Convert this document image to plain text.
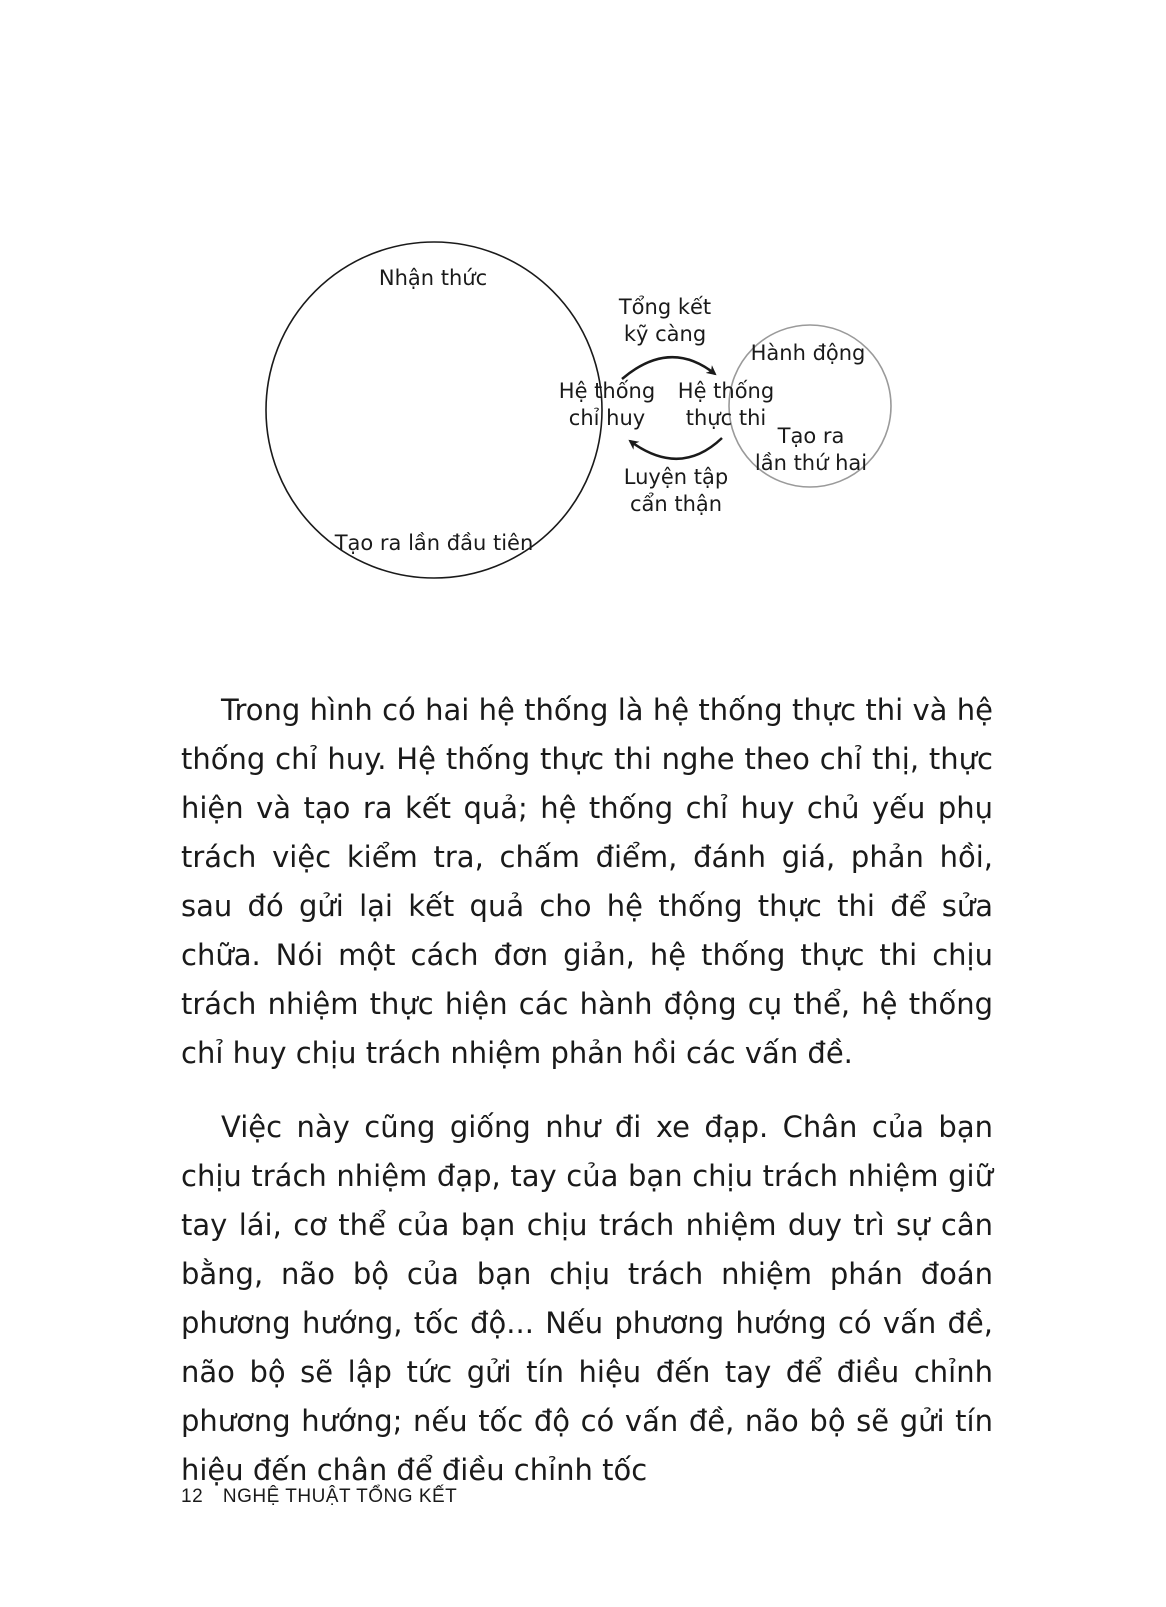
Nhận thức
Tạo ra lần đầu tiên
Hệ thống
chỉ huy
Hành động
Hệ thống
thực thi
Tạo ra
lần thứ hai
Tổng kết
kỹ càng
Luyện tập
cẩn thận

Trong hình có hai hệ thống là hệ thống thực thi và hệ thống chỉ huy. Hệ thống thực thi nghe theo chỉ thị, thực hiện và tạo ra kết quả; hệ thống chỉ huy chủ yếu phụ trách việc kiểm tra, chấm điểm, đánh giá, phản hồi, sau đó gửi lại kết quả cho hệ thống thực thi để sửa chữa. Nói một cách đơn giản, hệ thống thực thi chịu trách nhiệm thực hiện các hành động cụ thể, hệ thống chỉ huy chịu trách nhiệm phản hồi các vấn đề.

Việc này cũng giống như đi xe đạp. Chân của bạn chịu trách nhiệm đạp, tay của bạn chịu trách nhiệm giữ tay lái, cơ thể của bạn chịu trách nhiệm duy trì sự cân bằng, não bộ của bạn chịu trách nhiệm phán đoán phương hướng, tốc độ... Nếu phương hướng có vấn đề, não bộ sẽ lập tức gửi tín hiệu đến tay để điều chỉnh phương hướng; nếu tốc độ có vấn đề, não bộ sẽ gửi tín hiệu đến chân để điều chỉnh tốc

12 NGHỆ THUẬT TỔNG KẾT
